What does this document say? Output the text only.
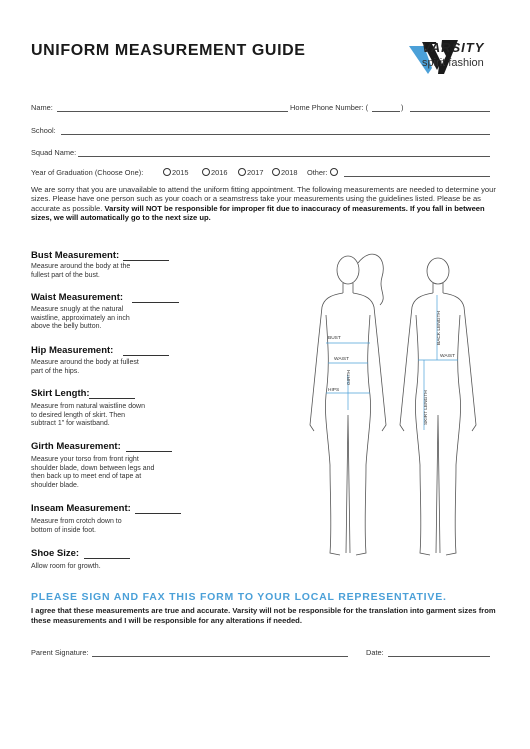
UNIFORM MEASUREMENT GUIDE	VARSITY
spirit fashion
Name:	Home Phone Number: (	)
School:
Squad Name:
Year of Graduation (Choose One):	2015	2016	2017	2018 Other:
We are sorry that you are unavailable to attend the uniform fitting appointment. The following measurements are needed to determine your sizes. Please have one person such as your coach or a seamstress take your measurements using the guidelines listed. Please be as accurate as possible. Varsity will NOT be responsible for improper fit due to inaccuracy of measurements. If you fall in between sizes, we will automatically go to the next size up.
Bust Measurement:
Measure around the body at the fullest part of the bust.
Waist Measurement:
Measure snugly at the natural waistline, approximately an inch above the belly button.
Hip Measurement:
Measure around the body at fullest part of the hips.
Skirt Length:
Measure from natural waistline down to desired length of skirt. Then subtract 1" for waistband.
Girth Measurement:
Measure your torso from front right shoulder blade, down between legs and then back up to meet end of tape at shoulder blade.
Inseam Measurement:
Measure from crotch down to bottom of inside foot.
Shoe Size:
Allow room for growth.
BUST
WAIST
GIRTH
HIPS
BACK LENGTH
WAIST
SKIRT LENGTH
PLEASE SIGN AND FAX THIS FORM TO YOUR LOCAL REPRESENTATIVE.
I agree that these measurements are true and accurate. Varsity will not be responsible for the translation into garment sizes from these measurements and I will be responsible for any alterations if needed.
Parent Signature:	Date:
